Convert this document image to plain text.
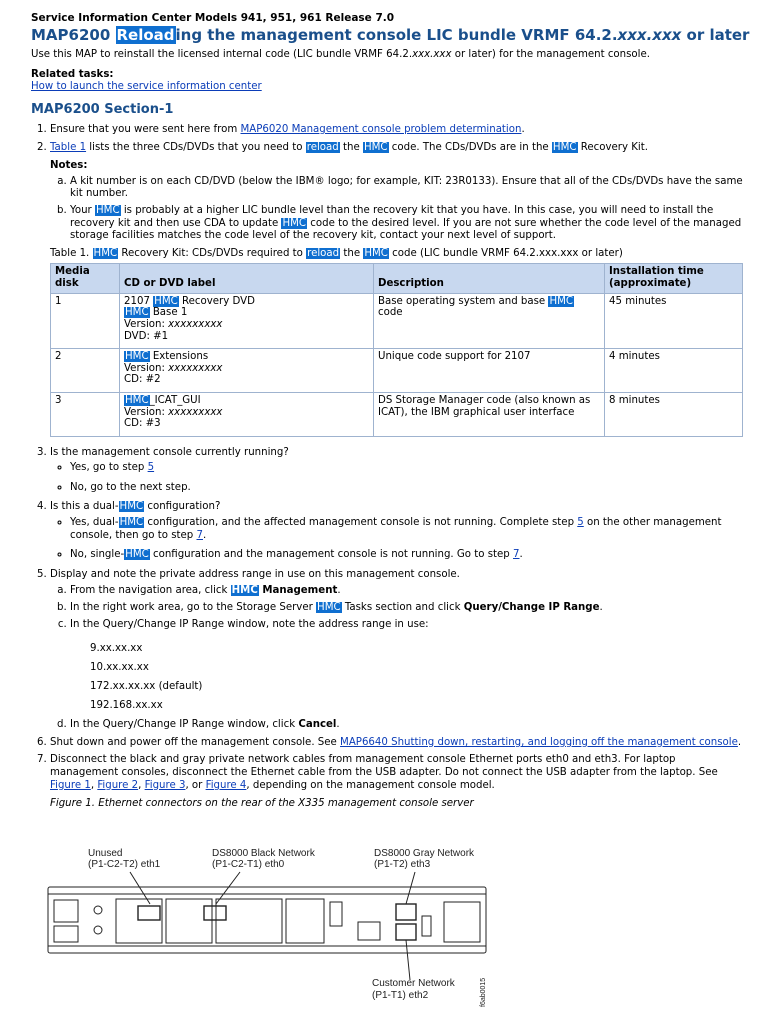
Service Information Center Models 941, 951, 961 Release 7.0
MAP6200 Reloading the management console LIC bundle VRMF 64.2.xxx.xxx or later
Use this MAP to reinstall the licensed internal code (LIC bundle VRMF 64.2.xxx.xxx or later) for the management console.
Related tasks:
How to launch the service information center
MAP6200 Section-1
1. Ensure that you were sent here from MAP6020 Management console problem determination.
2. Table 1 lists the three CDs/DVDs that you need to reload the HMC code. The CDs/DVDs are in the HMC Recovery Kit.
Notes:
a. A kit number is on each CD/DVD (below the IBM® logo; for example, KIT: 23R0133). Ensure that all of the CDs/DVDs have the same kit number.
b. Your HMC is probably at a higher LIC bundle level than the recovery kit that you have. In this case, you will need to install the recovery kit and then use CDA to update HMC code to the desired level. If you are not sure whether the code level of the managed storage facilities matches the code level of the recovery kit, contact your next level of support.
Table 1. HMC Recovery Kit: CDs/DVDs required to reload the HMC code (LIC bundle VRMF 64.2.xxx.xxx or later)
Media disk	CD or DVD label	Description	Installation time (approximate)
1	2107 HMC Recovery DVD
HMC Base 1
Version: xxxxxxxxx
DVD: #1	Base operating system and base HMC code	45 minutes
2	HMC Extensions
Version: xxxxxxxxx
CD: #2	Unique code support for 2107	4 minutes
3	HMC_ICAT_GUI
Version: xxxxxxxxx
CD: #3	DS Storage Manager code (also known as ICAT), the IBM graphical user interface	8 minutes
3. Is the management console currently running?
◦ Yes, go to step 5
◦ No, go to the next step.
4. Is this a dual-HMC configuration?
◦ Yes, dual-HMC configuration, and the affected management console is not running. Complete step 5 on the other management console, then go to step 7.
◦ No, single-HMC configuration and the management console is not running. Go to step 7.
5. Display and note the private address range in use on this management console.
a. From the navigation area, click HMC Management.
b. In the right work area, go to the Storage Server HMC Tasks section and click Query/Change IP Range.
c. In the Query/Change IP Range window, note the address range in use:
9.xx.xx.xx
10.xx.xx.xx
172.xx.xx.xx (default)
192.168.xx.xx
d. In the Query/Change IP Range window, click Cancel.
6. Shut down and power off the management console. See MAP6640 Shutting down, restarting, and logging off the management console.
7. Disconnect the black and gray private network cables from management console Ethernet ports eth0 and eth3. For laptop management consoles, disconnect the Ethernet cable from the USB adapter. Do not connect the USB adapter from the laptop. See Figure 1, Figure 2, Figure 3, or Figure 4, depending on the management console model.
Figure 1. Ethernet connectors on the rear of the X335 management console server
Unused
(P1-C2-T2) eth1
DS8000 Black Network
(P1-C2-T1) eth0
DS8000 Gray Network
(P1-T2) eth3
Customer Network
(P1-T1) eth2	f6ab0015
